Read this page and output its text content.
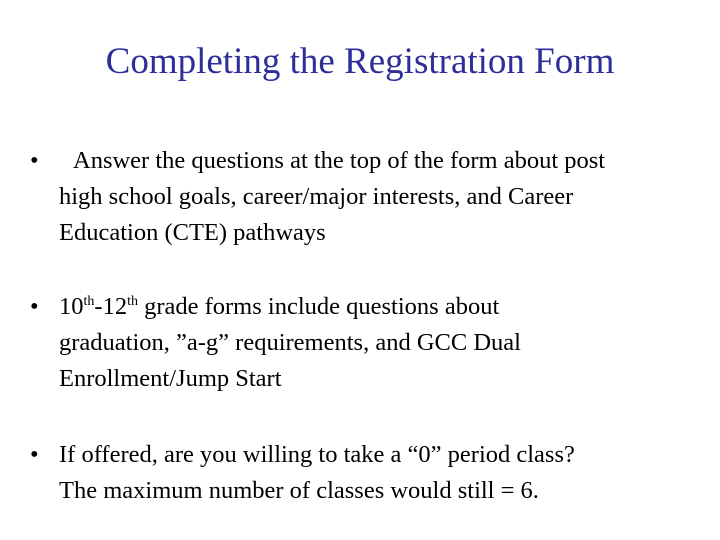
Completing the Registration Form
•	Answer the questions at the top of the form about post
high school goals, career/major interests, and Career
Education (CTE) pathways
• 10th-12th grade forms include questions about
graduation, ”a-g” requirements, and GCC Dual
Enrollment/Jump Start
• If offered, are you willing to take a “0” period class?
The maximum number of classes would still = 6.
